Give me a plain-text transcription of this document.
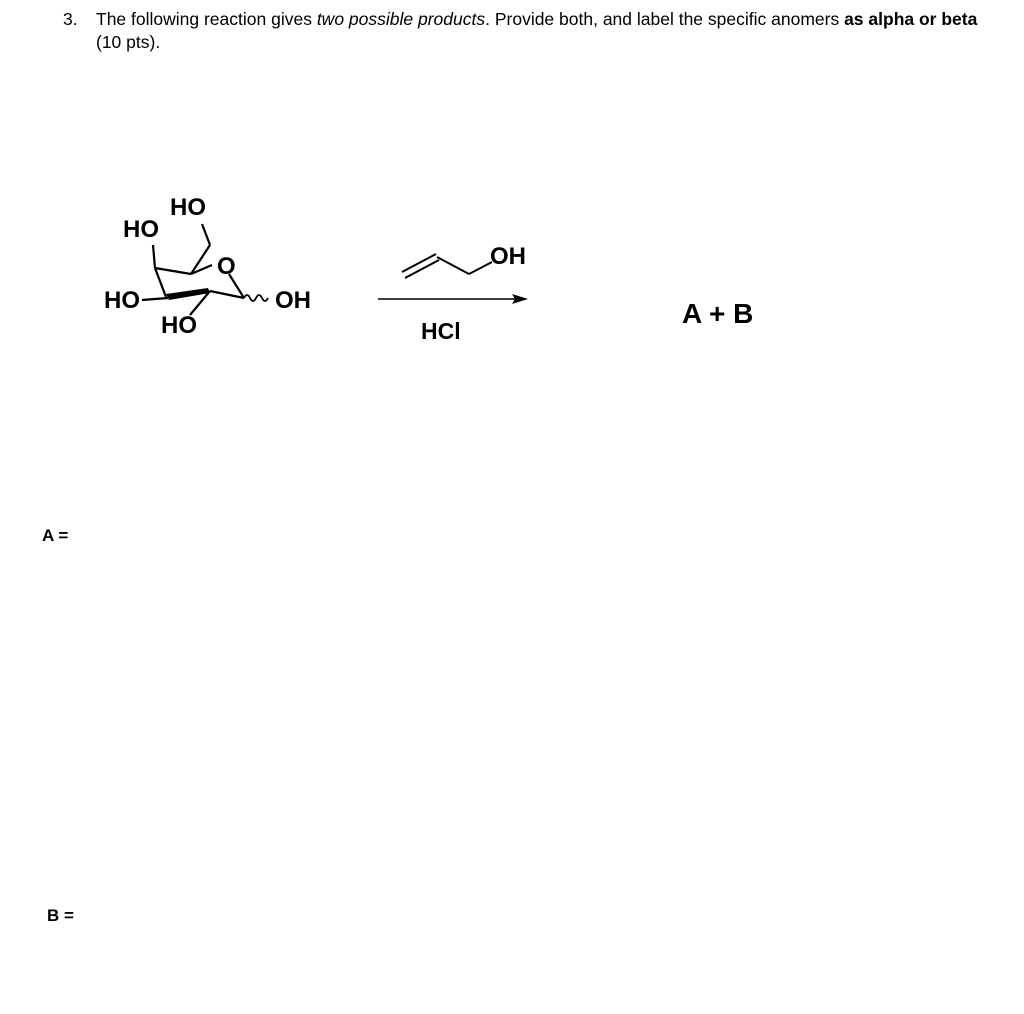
3. The following reaction gives two possible products. Provide both, and label the specific anomers as alpha or beta (10 pts).
HO
HO
O
HO
HO
OH
OH
HCl
A + B
A =
B =
